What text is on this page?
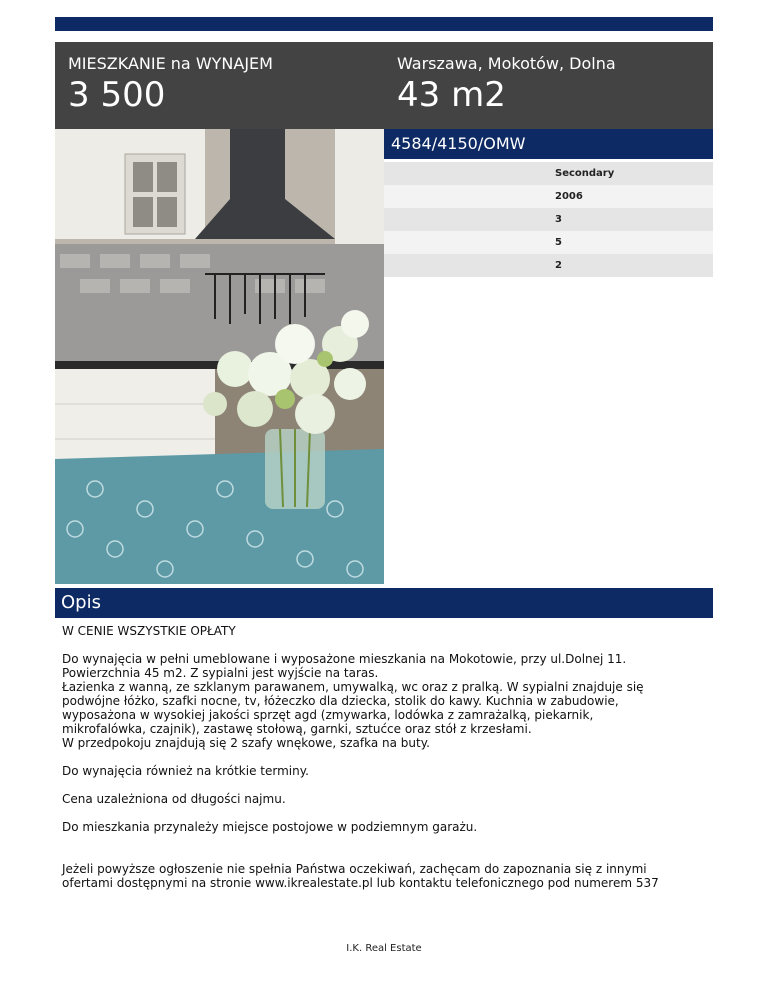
MIESZKANIE na WYNAJEM
3 500
Warszawa, Mokotów, Dolna
43 m2
4584/4150/OMW
Secondary
2006
3
5
2
Opis

W CENIE WSZYSTKIE OPŁATY

Do wynajęcia w pełni umeblowane i wyposażone mieszkania na Mokotowie, przy ul.Dolnej 11.
Powierzchnia 45 m2. Z sypialni jest wyjście na taras.
Łazienka z wanną, ze szklanym parawanem, umywalką, wc oraz z pralką. W sypialni znajduje się
podwójne łóżko, szafki nocne, tv, łóżeczko dla dziecka, stolik do kawy. Kuchnia w zabudowie,
wyposażona w wysokiej jakości sprzęt agd (zmywarka, lodówka z zamrażalką, piekarnik,
mikrofalówka, czajnik), zastawę stołową, garnki, sztućce oraz stół z krzesłami.
W przedpokoju znajdują się 2 szafy wnękowe, szafka na buty.

Do wynajęcia również na krótkie terminy.

Cena uzależniona od długości najmu.

Do mieszkania przynależy miejsce postojowe w podziemnym garażu.

Jeżeli powyższe ogłoszenie nie spełnia Państwa oczekiwań, zachęcam do zapoznania się z innymi
ofertami dostępnymi na stronie www.ikrealestate.pl lub kontaktu telefonicznego pod numerem 537

I.K. Real Estate
